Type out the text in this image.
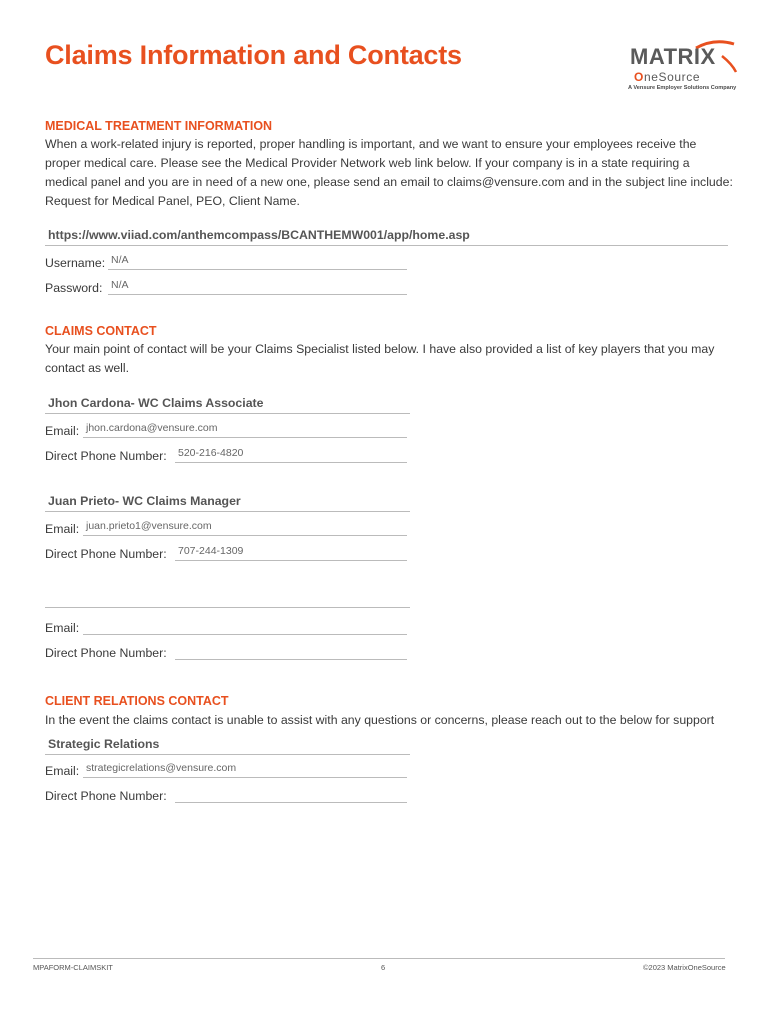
Claims Information and Contacts	MATRIX
OneSource
A Vensure Employer Solutions Company
MEDICAL TREATMENT INFORMATION
When a work-related injury is reported, proper handling is important, and we want to ensure your employees receive the proper medical care. Please see the Medical Provider Network web link below. If your company is in a state requiring a medical panel and you are in need of a new one, please send an email to claims@vensure.com and in the subject line include: Request for Medical Panel, PEO, Client Name.
https://www.viiad.com/anthemcompass/BCANTHEMW001/app/home.asp
Username: N/A
Password: N/A
CLAIMS CONTACT
Your main point of contact will be your Claims Specialist listed below. I have also provided a list of key players that you may contact as well.
Jhon Cardona- WC Claims Associate
Email: jhon.cardona@vensure.com
Direct Phone Number: 520-216-4820
Juan Prieto- WC Claims Manager
Email: juan.prieto1@vensure.com
Direct Phone Number: 707-244-1309
Email:
Direct Phone Number:
CLIENT RELATIONS CONTACT
In the event the claims contact is unable to assist with any questions or concerns, please reach out to the below for support
Strategic Relations
Email: strategicrelations@vensure.com
Direct Phone Number:
MPAFORM-CLAIMSKIT	6	©2023 MatrixOneSource
